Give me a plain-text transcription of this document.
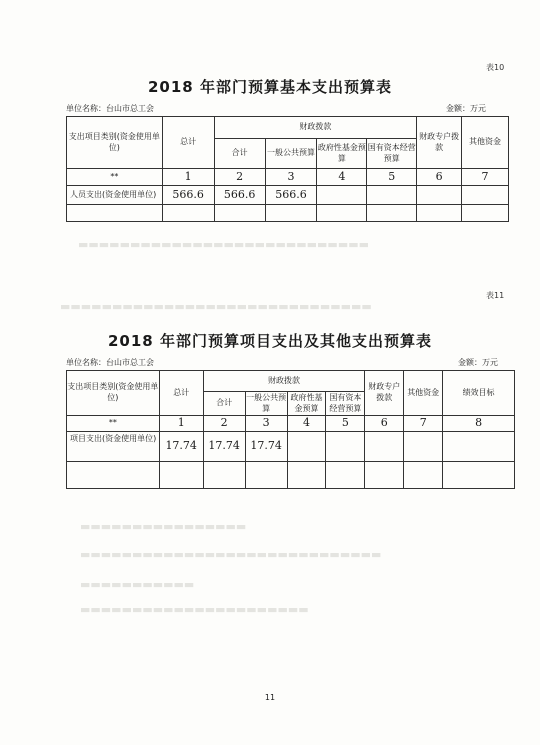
▬▬▬▬▬▬▬▬▬▬▬▬▬▬▬▬▬▬▬▬▬▬▬▬▬▬▬▬
▬▬▬▬▬▬▬▬▬▬▬▬▬▬▬▬▬▬▬▬▬▬▬▬▬▬▬▬▬▬
▬▬▬▬▬▬▬▬▬▬▬▬▬▬▬▬
▬▬▬▬▬▬▬▬▬▬▬▬▬▬▬▬▬▬▬▬▬▬▬▬▬▬▬▬▬
▬▬▬▬▬▬▬▬▬▬▬
▬▬▬▬▬▬▬▬▬▬▬▬▬▬▬▬▬▬▬▬▬▬
表10
2018 年部门预算基本支出预算表
单位名称：台山市总工会	金额：万元
支出项目类别(资金使用单位)	总计	财政拨款				财政专户拨款	其他资金
		合计	一般公共预算	政府性基金预算	国有资本经营预算		
**	1	2	3	4	5	6	7
人员支出(资金使用单位)	566.6	566.6	566.6				

表11
2018 年部门预算项目支出及其他支出预算表
单位名称：台山市总工会	金额：万元
支出项目类别(资金使用单位)	总计	财政拨款				财政专户拨款	其他资金	绩效目标
		合计	一般公共预算	政府性基金预算	国有资本经营预算			
**	1	2	3	4	5	6	7	8
项目支出(资金使用单位)	17.74	17.74	17.74					

11
